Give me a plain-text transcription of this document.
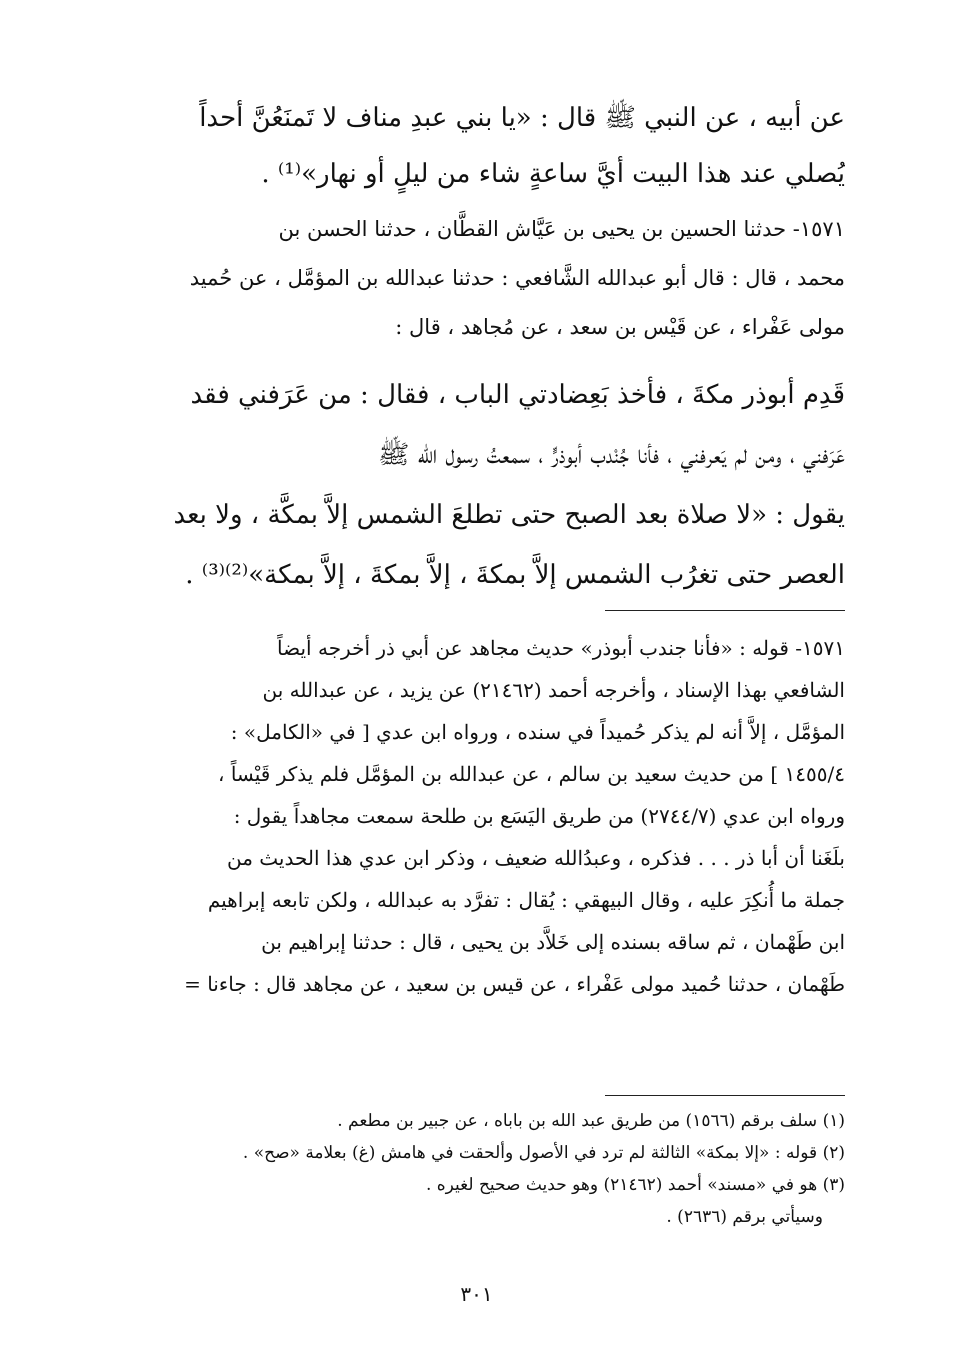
عن أبيه ، عن النبي ﷺ قال : «يا بني عبدِ مناف لا تَمنَعُنَّ أحداً
يُصلي عند هذا البيت أيَّ ساعةٍ شاء من ليلٍ أو نهار»⁽¹⁾ .
١٥٧١- حدثنا الحسين بن يحيى بن عَيَّاش القطَّان ، حدثنا الحسن بن
محمد ، قال : قال أبو عبدالله الشَّافعي : حدثنا عبدالله بن المؤمَّل ، عن حُميد
مولى عَفْراء ، عن قَيْس بن سعد ، عن مُجاهد ، قال :
قَدِم أبوذر مكةَ ، فأخذ بَعِضادتي الباب ، فقال : من عَرَفني فقد
عَرَفني ، ومن لم يَعرفني ، فأنا جُنْدب أبوذرٍّ ، سمعتُ رسول الله ﷺ
يقول : «لا صلاة بعد الصبح حتى تطلعَ الشمس إلاَّ بمكَّة ، ولا بعد
العصر حتى تغرُب الشمس إلاَّ بمكةَ ، إلاَّ بمكةَ ، إلاَّ بمكة»⁽²⁾⁽³⁾ .
١٥٧١- قوله : «فأنا جندب أبوذر» حديث مجاهد عن أبي ذر أخرجه أيضاً
الشافعي بهذا الإسناد ، وأخرجه أحمد (٢١٤٦٢) عن يزيد ، عن عبدالله بن
المؤمَّل ، إلاَّ أنه لم يذكر حُميداً في سنده ، ورواه ابن عدي [ في «الكامل» :
١٤٥٥/٤ ] من حديث سعيد بن سالم ، عن عبدالله بن المؤمَّل فلم يذكر قَيْساً ،
ورواه ابن عدي (٢٧٤٤/٧) من طريق اليَسَع بن طلحة سمعت مجاهداً يقول :
بلَغَنا أن أبا ذر . . . فذكره ، وعبدُالله ضعيف ، وذكر ابن عدي هذا الحديث من
جملة ما أُنكِرَ عليه ، وقال البيهقي : يُقال : تفرَّد به عبدالله ، ولكن تابعه إبراهيم
ابن طَهْمان ، ثم ساقه بسنده إلى خَلاَّد بن يحيى ، قال : حدثنا إبراهيم بن
طَهْمان ، حدثنا حُميد مولى عَفْراء ، عن قيس بن سعيد ، عن مجاهد قال : جاءنا =
(١) سلف برقم (١٥٦٦) من طريق عبد الله بن باباه ، عن جبير بن مطعم .
(٢) قوله : «إلا بمكة» الثالثة لم ترد في الأصول وألحقت في هامش (غ) بعلامة «صح» .
(٣) هو في «مسند» أحمد (٢١٤٦٢) وهو حديث صحيح لغيره .
وسيأتي برقم (٢٦٣٦) .
٣٠١
